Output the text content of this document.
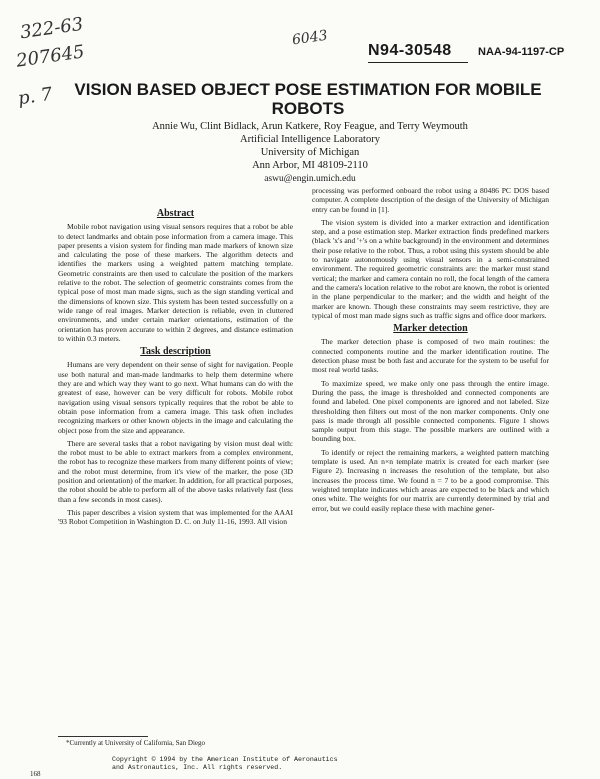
322-63
207645
p. 7
6043
N94-30548 NAA-94-1197-CP
VISION BASED OBJECT POSE ESTIMATION FOR MOBILE ROBOTS
Annie Wu, Clint Bidlack, Arun Katkere, Roy Feague, and Terry Weymouth
Artificial Intelligence Laboratory
University of Michigan
Ann Arbor, MI 48109-2110
aswu@engin.umich.edu
Abstract

Mobile robot navigation using visual sensors requires that a robot be able to detect landmarks and obtain pose information from a camera image. This paper presents a vision system for finding man made markers of known size and calculating the pose of these markers. The algorithm detects and identifies the markers using a weighted pattern matching template. Geometric constraints are then used to calculate the position of the markers relative to the robot. The selection of geometric constraints comes from the typical pose of most man made signs, such as the sign standing vertical and the dimensions of known size. This system has been tested successfully on a wide range of real images. Marker detection is reliable, even in cluttered environments, and under certain marker orientations, estimation of the orientation has proven accurate to within 2 degrees, and distance estimation to within 0.3 meters.

Task description

Humans are very dependent on their sense of sight for navigation. People use both natural and man-made landmarks to help them determine where they are and which way they want to go next. What humans can do with the greatest of ease, however can be very difficult for robots. Mobile robot navigation using visual sensors typically requires that the robot be able to obtain pose information from a camera image. This task often includes recognizing markers or other known objects in the image and calculating the object pose from the size and appearance.

There are several tasks that a robot navigating by vision must deal with: the robot must to be able to extract markers from a complex environment, the robot has to recognize these markers from many different points of view; and the robot must determine, from it's view of the marker, the pose (3D position and orientation) of the marker. In addition, for all practical purposes, the robot should be able to perform all of the above tasks relatively fast (less than a few seconds in most cases).

This paper describes a vision system that was implemented for the AAAI '93 Robot Competition in Washington D. C. on July 11-16, 1993. All vision

processing was performed onboard the robot using a 80486 PC DOS based computer. A complete description of the design of the University of Michigan entry can be found in [1].

The vision system is divided into a marker extraction and identification step, and a pose estimation step. Marker extraction finds predefined markers (black 'x's and '+'s on a white background) in the environment and determines their pose relative to the robot. Thus, a robot using this system should be able to navigate autonomously using visual sensors in a semi-constrained environment. The required geometric constraints are: the marker must stand vertical; the marker and camera contain no roll, the focal length of the camera and the camera's location relative to the robot are known, the robot is oriented in the plane perpendicular to the marker; and the width and height of the marker are known. Though these constraints may seem restrictive, they are typical of most man made signs such as traffic signs and office door markers.

Marker detection

The marker detection phase is composed of two main routines: the connected components routine and the marker identification routine. The detection phase must be both fast and accurate for the system to be useful for most real world tasks.

To maximize speed, we make only one pass through the entire image. During the pass, the image is thresholded and connected components are found and labeled. One pixel components are ignored and not labeled. Size thresholding then filters out most of the non marker components. Only one pass is made through all possible connected components. Figure 1 shows sample output from this stage. The possible markers are outlined with a bounding box.

To identify or reject the remaining markers, a weighted pattern matching template is used. An n×n template matrix is created for each marker (see Figure 2). Increasing n increases the resolution of the template, but also increases the process time. We found n = 7 to be a good compromise. This weighted template indicates which areas are expected to be black and which ones white. The weights for our matrix are currently determined by trial and error, but we could easily replace these with machine gener-

*Currently at University of California, San Diego
Copyright © 1994 by the American Institute of Aeronautics
and Astronautics, Inc. All rights reserved.
168
